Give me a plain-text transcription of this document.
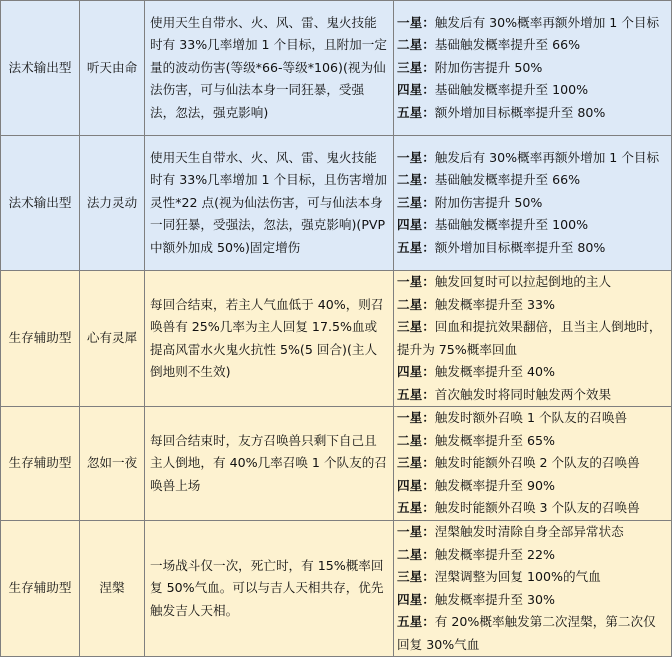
法术输出型	听天由命	使用天生自带水、火、风、雷、鬼火技能时有 33%几率增加 1 个目标，且附加一定量的波动伤害(等级*66-等级*106)(视为仙法伤害，可与仙法本身一同狂暴，受强法，忽法，强克影响)	一星：触发后有 30%概率再额外增加 1 个目标
二星：基础触发概率提升至 66%
三星：附加伤害提升 50%
四星：基础触发概率提升至 100%
五星：额外增加目标概率提升至 80%

法术输出型	法力灵动	使用天生自带水、火、风、雷、鬼火技能时有 33%几率增加 1 个目标，且伤害增加灵性*22 点(视为仙法伤害，可与仙法本身一同狂暴，受强法，忽法，强克影响)(PVP 中额外加成 50%)固定增伤	一星：触发后有 30%概率再额外增加 1 个目标
二星：基础触发概率提升至 66%
三星：附加伤害提升 50%
四星：基础触发概率提升至 100%
五星：额外增加目标概率提升至 80%

生存辅助型	心有灵犀	每回合结束，若主人气血低于 40%，则召唤兽有 25%几率为主人回复 17.5%血或提高风雷水火鬼火抗性 5%(5 回合)(主人倒地则不生效)	一星：触发回复时可以拉起倒地的主人
二星：触发概率提升至 33%
三星：回血和提抗效果翻倍，且当主人倒地时，提升为 75%概率回血
四星：触发概率提升至 40%
五星：首次触发时将同时触发两个效果

生存辅助型	忽如一夜	每回合结束时，友方召唤兽只剩下自己且主人倒地，有 40%几率召唤 1 个队友的召唤兽上场	一星：触发时额外召唤 1 个队友的召唤兽
二星：触发概率提升至 65%
三星：触发时能额外召唤 2 个队友的召唤兽
四星：触发概率提升至 90%
五星：触发时能额外召唤 3 个队友的召唤兽

生存辅助型	涅槃	一场战斗仅一次，死亡时，有 15%概率回复 50%气血。可以与吉人天相共存，优先触发吉人天相。	一星：涅槃触发时清除自身全部异常状态
二星：触发概率提升至 22%
三星：涅槃调整为回复 100%的气血
四星：触发概率提升至 30%
五星：有 20%概率触发第二次涅槃，第二次仅回复 30%气血
